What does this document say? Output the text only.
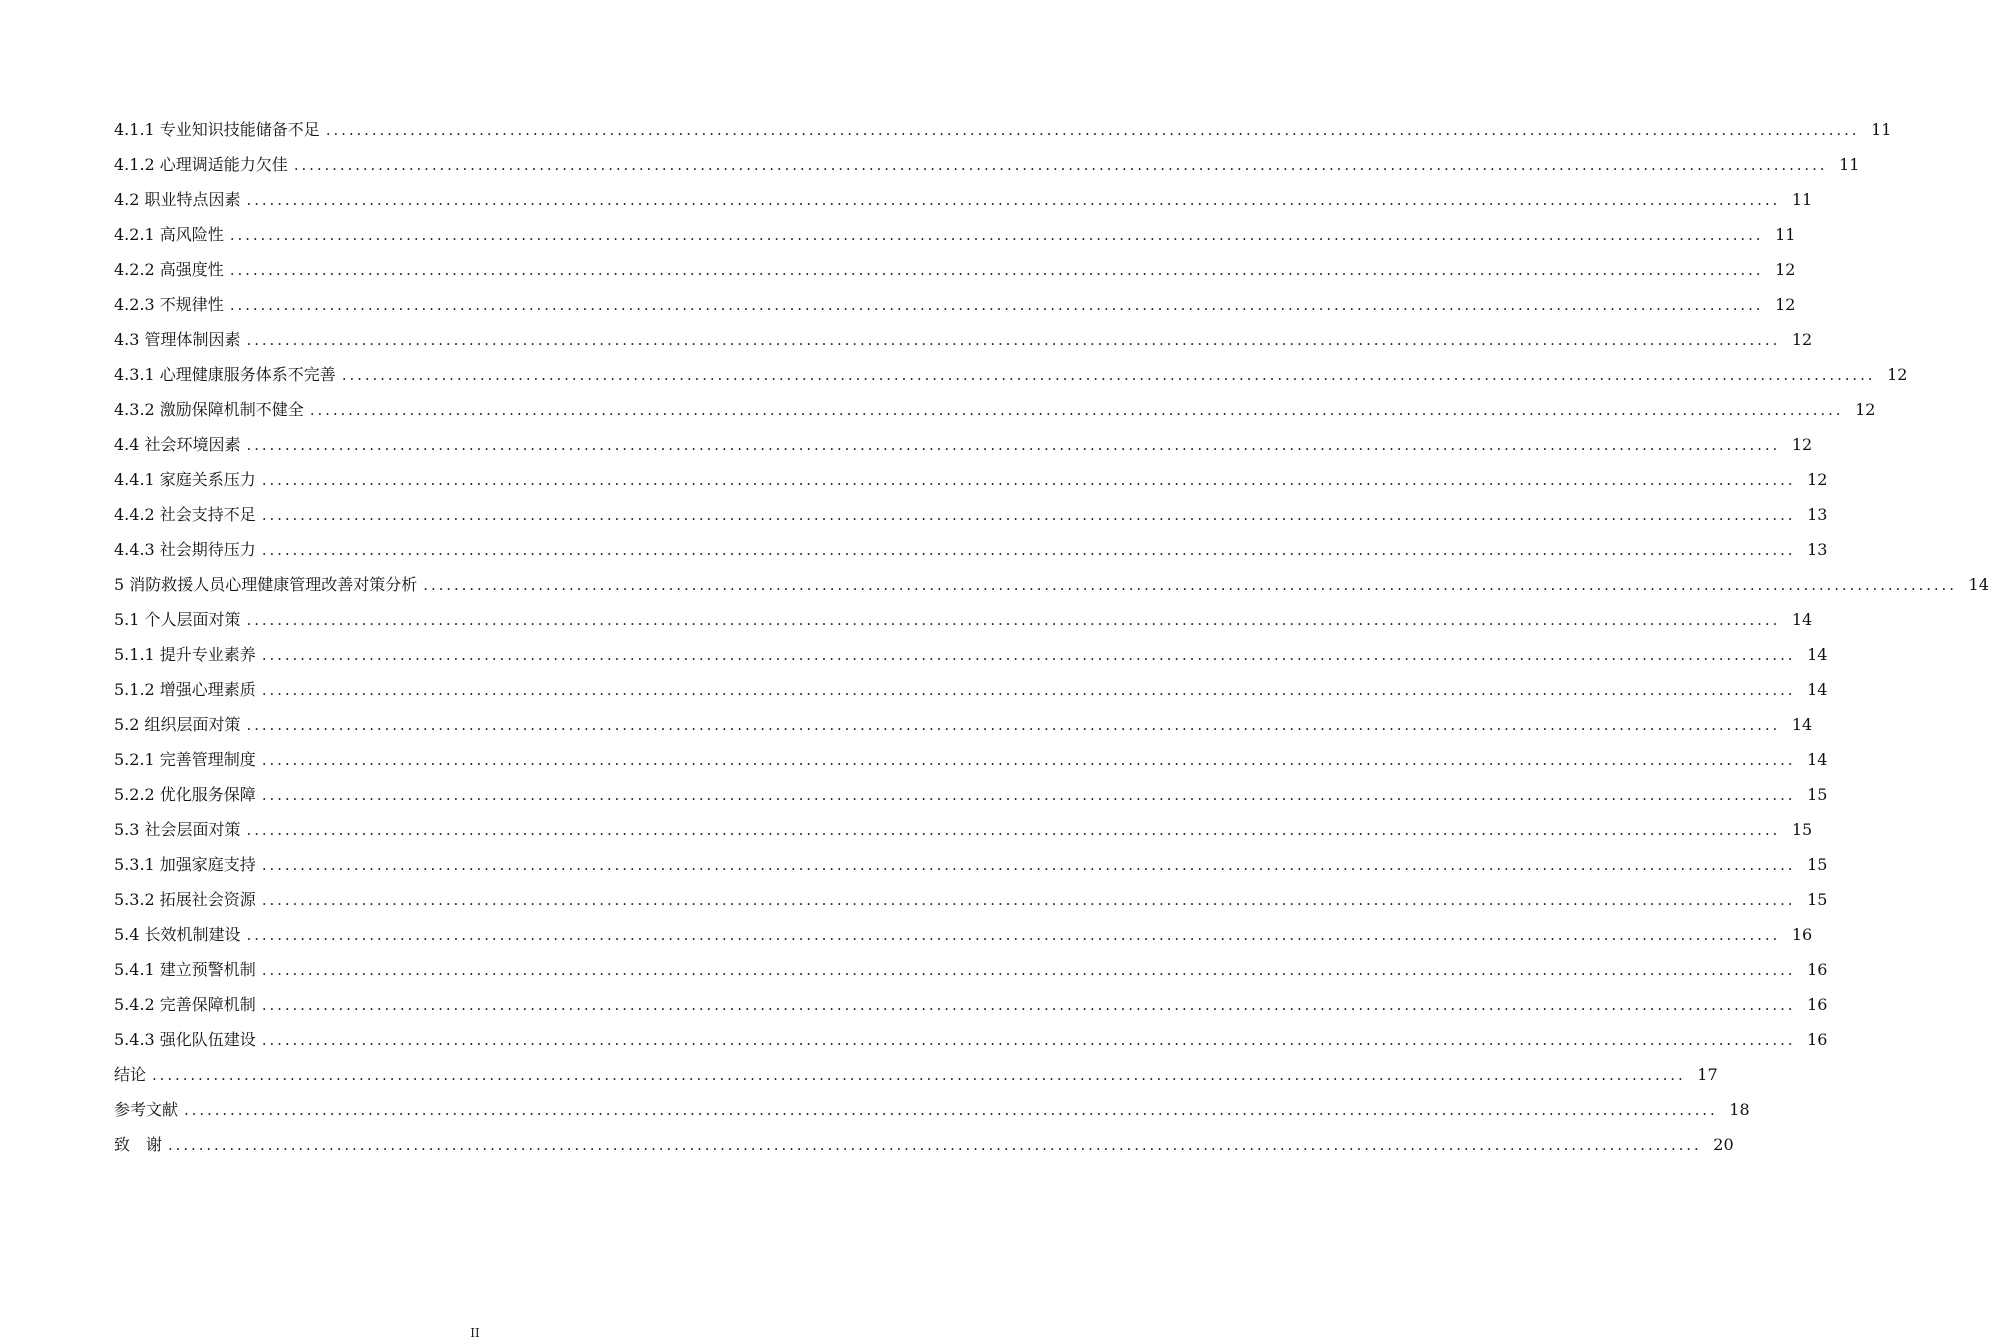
4.1.1 专业知识技能储备不足 ........................................................................................................................................................................................................ 11
4.1.2 心理调适能力欠佳 ........................................................................................................................................................................................................ 11
4.2 职业特点因素 ........................................................................................................................................................................................................ 11
4.2.1 高风险性 ........................................................................................................................................................................................................ 11
4.2.2 高强度性 ........................................................................................................................................................................................................ 12
4.2.3 不规律性 ........................................................................................................................................................................................................ 12
4.3 管理体制因素 ........................................................................................................................................................................................................ 12
4.3.1 心理健康服务体系不完善 ........................................................................................................................................................................................................ 12
4.3.2 激励保障机制不健全 ........................................................................................................................................................................................................ 12
4.4 社会环境因素 ........................................................................................................................................................................................................ 12
4.4.1 家庭关系压力 ........................................................................................................................................................................................................ 12
4.4.2 社会支持不足 ........................................................................................................................................................................................................ 13
4.4.3 社会期待压力 ........................................................................................................................................................................................................ 13
5 消防救援人员心理健康管理改善对策分析 ........................................................................................................................................................................................................ 14
5.1 个人层面对策 ........................................................................................................................................................................................................ 14
5.1.1 提升专业素养 ........................................................................................................................................................................................................ 14
5.1.2 增强心理素质 ........................................................................................................................................................................................................ 14
5.2 组织层面对策 ........................................................................................................................................................................................................ 14
5.2.1 完善管理制度 ........................................................................................................................................................................................................ 14
5.2.2 优化服务保障 ........................................................................................................................................................................................................ 15
5.3 社会层面对策 ........................................................................................................................................................................................................ 15
5.3.1 加强家庭支持 ........................................................................................................................................................................................................ 15
5.3.2 拓展社会资源 ........................................................................................................................................................................................................ 15
5.4 长效机制建设 ........................................................................................................................................................................................................ 16
5.4.1 建立预警机制 ........................................................................................................................................................................................................ 16
5.4.2 完善保障机制 ........................................................................................................................................................................................................ 16
5.4.3 强化队伍建设 ........................................................................................................................................................................................................ 16
结论 ........................................................................................................................................................................................................ 17
参考文献 ........................................................................................................................................................................................................ 18
致　谢 ........................................................................................................................................................................................................ 20
II
